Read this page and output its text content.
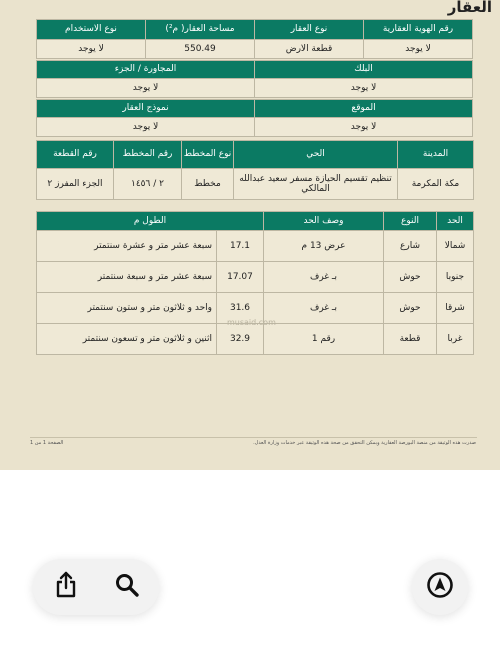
العقار
رقم الهوية العقارية	نوع العقار	مساحة العقار( م²)	نوع الاستخدام
لا يوجد	قطعة الارض	550.49	لا يوجد
البلك	المجاورة / الجزء
لا يوجد	لا يوجد
الموقع	نموذج العقار
لا يوجد	لا يوجد
المدينة	الحي	نوع المخطط	رقم المخطط	رقم القطعة
مكة المكرمة	تنظيم تقسيم الحيازة مسفر سعيد عبدالله المالكي	مخطط	٢ / ١٤٥٦	الجزء المفرز ٢
الحد	النوع	وصف الحد	الطول م	
شمالا	شارع	عرض 13 م	17.1	سبعة عشر متر و عشرة سنتمتر
جنوبا	حوش	بـ غرف	17.07	سبعة عشر متر و سبعة سنتمتر
شرقا	حوش	بـ غرف	31.6	واحد و ثلاثون متر و ستون سنتمتر
غربا	قطعة	رقم 1	32.9	اثنين و ثلاثون متر و تسعون سنتمتر
musaid.com
صدرت هذه الوثيقة من منصة البورصة العقارية ويمكن التحقق من صحة هذه الوثيقة عبر خدمات وزارة العدل.
الصفحة 1 من 1
